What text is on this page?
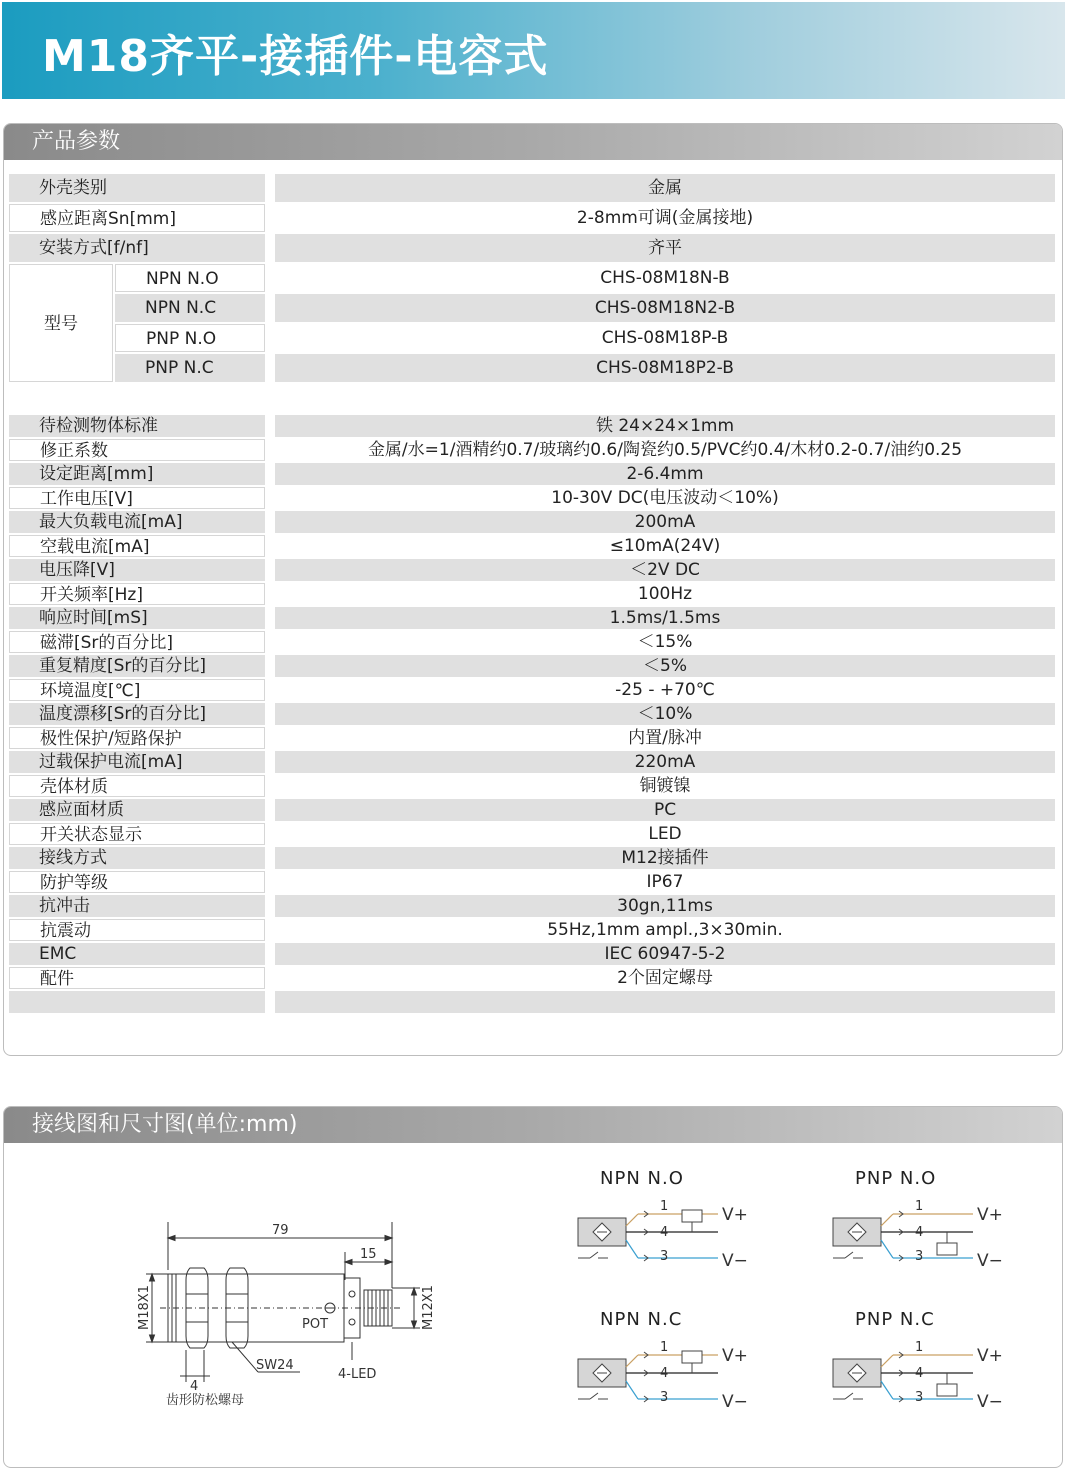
M18齐平-接插件-电容式
产品参数
外壳类别	金属
感应距离Sn[mm]	2-8mm可调(金属接地)
安装方式[f/nf]	齐平
型号
NPN N.O	CHS-08M18N-B
NPN N.C	CHS-08M18N2-B
PNP N.O	CHS-08M18P-B
PNP N.C	CHS-08M18P2-B
待检测物体标准	铁 24×24×1mm
修正系数	金属/水=1/酒精约0.7/玻璃约0.6/陶瓷约0.5/PVC约0.4/木材0.2-0.7/油约0.25
设定距离[mm]	2-6.4mm
工作电压[V]	10-30V DC(电压波动＜10%)
最大负载电流[mA]	200mA
空载电流[mA]	≤10mA(24V)
电压降[V]	＜2V DC
开关频率[Hz]	100Hz
响应时间[mS]	1.5ms/1.5ms
磁滞[Sr的百分比]	＜15%
重复精度[Sr的百分比]	＜5%
环境温度[℃]	-25 - +70℃
温度漂移[Sr的百分比]	＜10%
极性保护/短路保护	内置/脉冲
过载保护电流[mA]	220mA
壳体材质	铜镀镍
感应面材质	PC
开关状态显示	LED
接线方式	M12接插件
防护等级	IP67
抗冲击	30gn,11ms
抗震动	55Hz,1mm ampl.,3×30min.
EMC	IEC 60947-5-2
配件	2个固定螺母
接线图和尺寸图(单位:mm)
79
15
M18X1	M12X1
POT
SW24
4-LED
4
齿形防松螺母
NPN N.O
1
4
3
V+
V−
PNP N.O
1
4
3
V+
V−
NPN N.C
1
4
3
V+
V−
PNP N.C
1
4
3
V+
V−
